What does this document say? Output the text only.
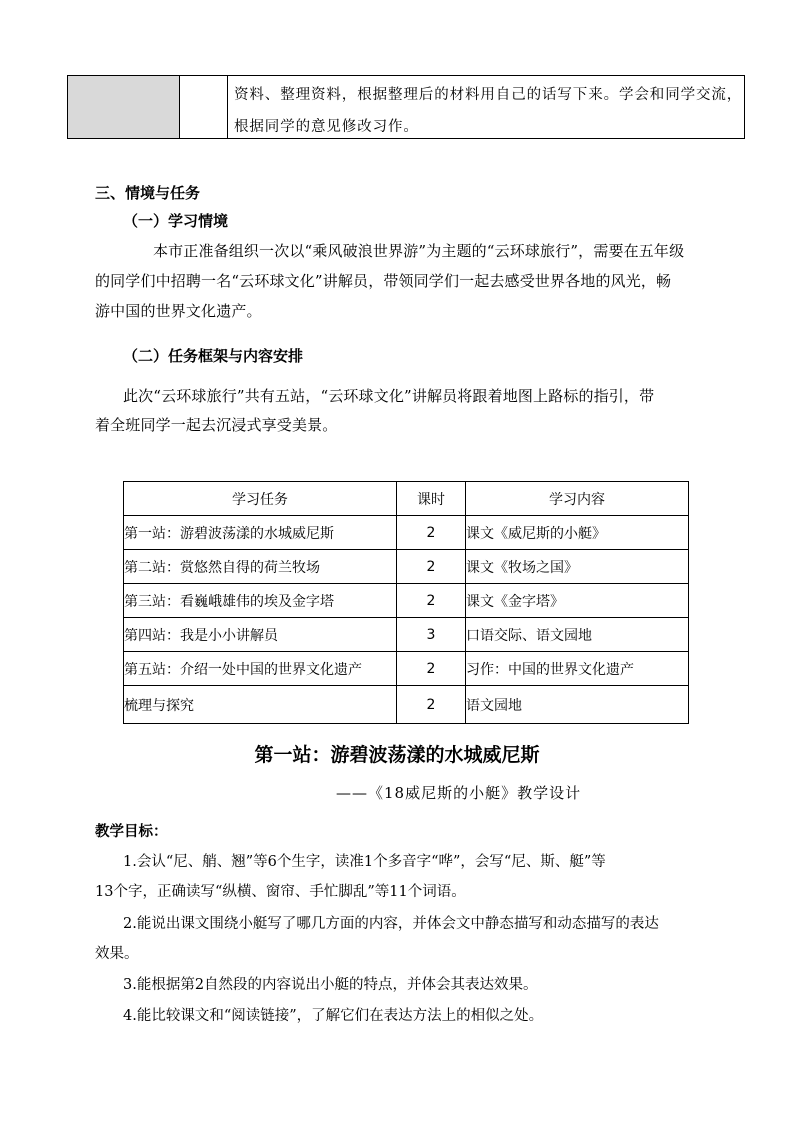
资料、整理资料，根据整理后的材料用自己的话写下来。学会和同学交流，
根据同学的意见修改习作。
三、情境与任务
（一）学习情境
本市正准备组织一次以“乘风破浪世界游”为主题的“云环球旅行”，需要在五年级
的同学们中招聘一名“云环球文化”讲解员，带领同学们一起去感受世界各地的风光，畅
游中国的世界文化遗产。
（二）任务框架与内容安排
此次“云环球旅行”共有五站，“云环球文化”讲解员将跟着地图上路标的指引，带
着全班同学一起去沉浸式享受美景。
学习任务	课时	学习内容
第一站：游碧波荡漾的水城威尼斯	2	课文《威尼斯的小艇》
第二站：赏悠然自得的荷兰牧场	2	课文《牧场之国》
第三站：看巍峨雄伟的埃及金字塔	2	课文《金字塔》
第四站：我是小小讲解员	3	口语交际、语文园地
第五站：介绍一处中国的世界文化遗产	2	习作：中国的世界文化遗产
梳理与探究	2	语文园地
第一站：游碧波荡漾的水城威尼斯
——《18威尼斯的小艇》教学设计
教学目标：
1.会认“尼、艄、翘”等6个生字，读准1个多音字“哗”，会写“尼、斯、艇”等
13个字，正确读写“纵横、窗帘、手忙脚乱”等11个词语。
2.能说出课文围绕小艇写了哪几方面的内容，并体会文中静态描写和动态描写的表达
效果。
3.能根据第2自然段的内容说出小艇的特点，并体会其表达效果。
4.能比较课文和“阅读链接”，了解它们在表达方法上的相似之处。
